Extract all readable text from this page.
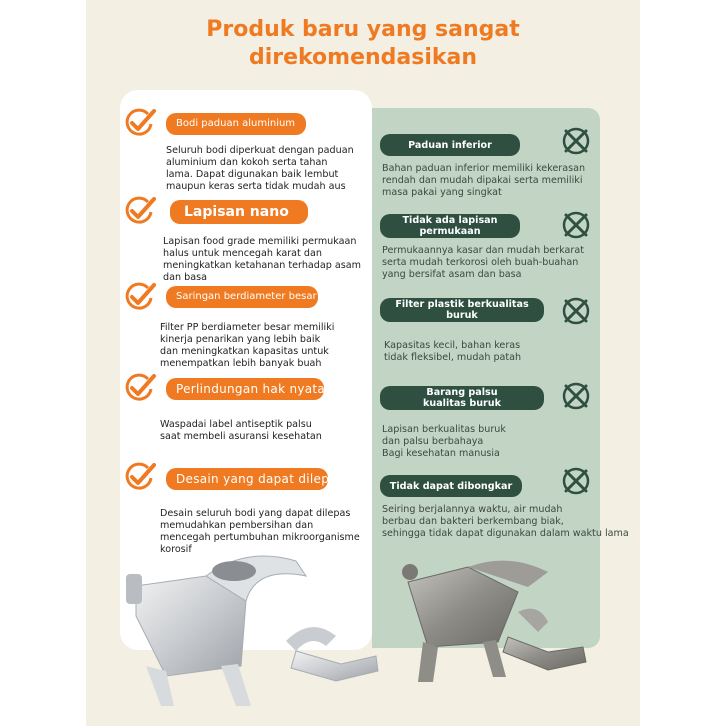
Produk baru yang sangat
direkomendasikan
Bodi paduan aluminium
Seluruh bodi diperkuat dengan paduan
aluminium dan kokoh serta tahan
lama. Dapat digunakan baik lembut
maupun keras serta tidak mudah aus
Lapisan nano
Lapisan food grade memiliki permukaan
halus untuk mencegah karat dan
meningkatkan ketahanan terhadap asam dan basa
Saringan berdiameter besar
Filter PP berdiameter besar memiliki
kinerja penarikan yang lebih baik
dan meningkatkan kapasitas untuk
menempatkan lebih banyak buah
Perlindungan hak nyata
Waspadai label antiseptik palsu
saat membeli asuransi kesehatan
Desain yang dapat dilepas
Desain seluruh bodi yang dapat dilepas
memudahkan pembersihan dan
mencegah pertumbuhan mikroorganisme korosif
Paduan inferior
Bahan paduan inferior memiliki kekerasan
rendah dan mudah dipakai serta memiliki
masa pakai yang singkat
Tidak ada lapisan
permukaan
Permukaannya kasar dan mudah berkarat
serta mudah terkorosi oleh buah-buahan
yang bersifat asam dan basa
Filter plastik berkualitas buruk
Kapasitas kecil, bahan keras
tidak fleksibel, mudah patah
Barang palsu
kualitas buruk
Lapisan berkualitas buruk
dan palsu berbahaya
Bagi kesehatan manusia
Tidak dapat dibongkar
Seiring berjalannya waktu, air mudah
berbau dan bakteri berkembang biak,
sehingga tidak dapat digunakan dalam waktu lama
